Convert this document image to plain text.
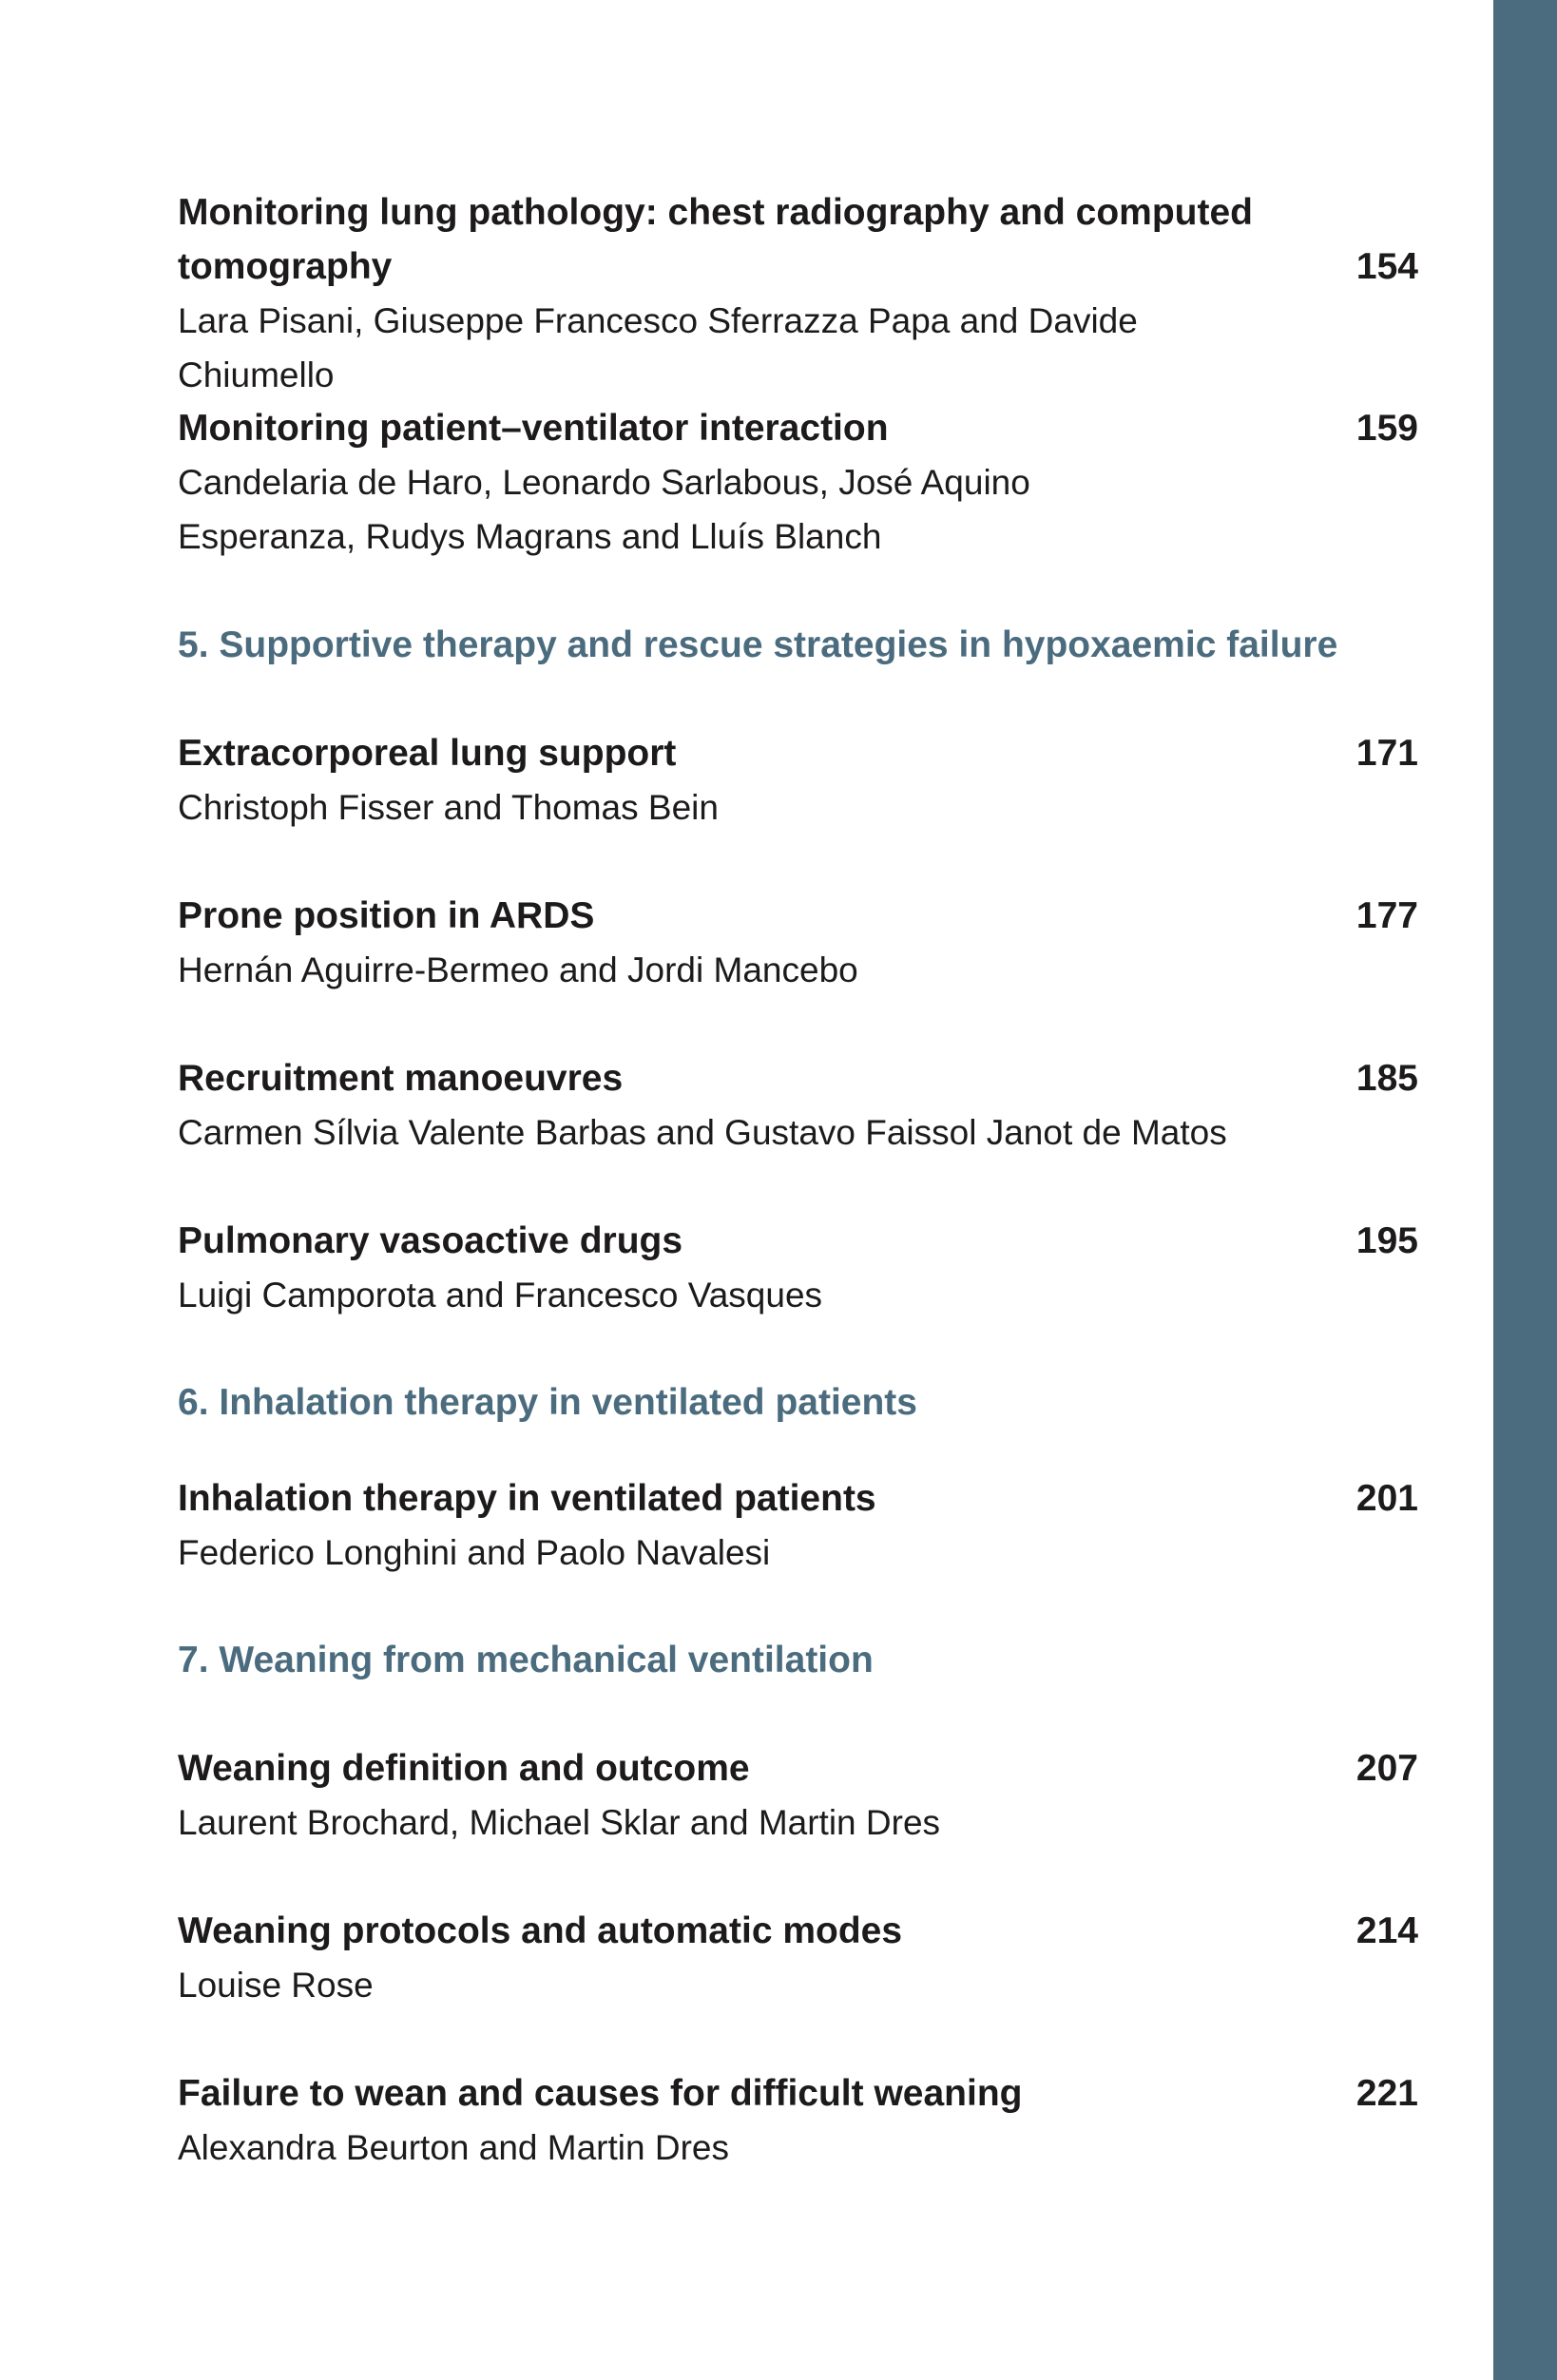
Monitoring lung pathology: chest radiography and computed tomography	154
Lara Pisani, Giuseppe Francesco Sferrazza Papa and Davide Chiumello
Monitoring patient–ventilator interaction	159
Candelaria de Haro, Leonardo Sarlabous, José Aquino Esperanza, Rudys Magrans and Lluís Blanch
5. Supportive therapy and rescue strategies in hypoxaemic failure
Extracorporeal lung support	171
Christoph Fisser and Thomas Bein
Prone position in ARDS	177
Hernán Aguirre-Bermeo and Jordi Mancebo
Recruitment manoeuvres	185
Carmen Sílvia Valente Barbas and Gustavo Faissol Janot de Matos
Pulmonary vasoactive drugs	195
Luigi Camporota and Francesco Vasques
6. Inhalation therapy in ventilated patients
Inhalation therapy in ventilated patients	201
Federico Longhini and Paolo Navalesi
7. Weaning from mechanical ventilation
Weaning definition and outcome	207
Laurent Brochard, Michael Sklar and Martin Dres
Weaning protocols and automatic modes	214
Louise Rose
Failure to wean and causes for difficult weaning	221
Alexandra Beurton and Martin Dres
